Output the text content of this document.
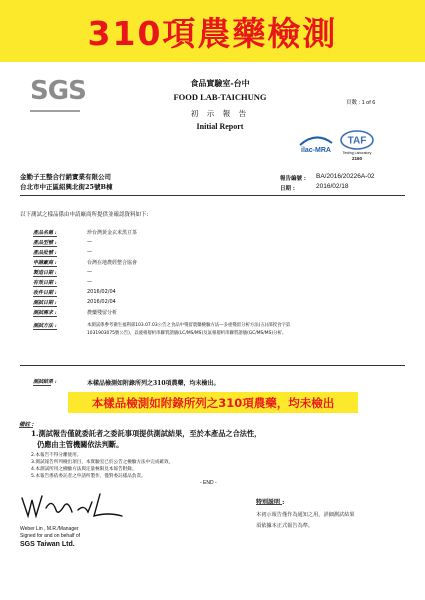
310項農藥檢測
SGS	食品實驗室-台中
FOOD LAB-TAICHUNG
初 示 報 告
Initial Report
頁數 : 1 of 6
ilac-MRA
TAF
Testing Laboratory
2160
金勤子王整合行銷實業有限公司
台北市中正區紹興北街25號B棟
報告編號 : BA/2016/20226A-02
日期 :	2016/02/18
以下測試之樣品係由申請廠商所提供並確認資料如下:
產品名稱 :	珍台灣黃金玄米黑豆茶
產品型號 :	—
產品批號 :	—
申請廠商 :	台灣在地農經整合協會
製造日期 :	—
有效日期 :	—
收件日期 :	2016/02/04
測試日期 :	2016/02/04
測試需求 :	農藥殘留分析
測試方法 :	本測試係參考衛生福利部103.07.03公告之食品中殘留農藥檢驗方法—多重殘留分析方法(五)(部授食字第
1031903075號公告)，以液相層析串聯質譜儀(LC/MS/MS)及氣相層析串聯質譜儀(GC/MS/MS)分析。
測試結果 :	本樣品檢測如附錄所列之310項農藥，均未檢出。
本樣品檢測如附錄所列之310項農藥，均未檢出
備註 :
1.測試報告僅就委託者之委託事項提供測試結果，至於本產品之合法性，
仍應由主管機關依法判斷。
2.本報告不得分離使用。
3.測試報告所列檢出項目，本實驗室已於公告之檢驗方法中完成確效。
4.本測試所用之檢驗方法與定量極限見本報告附錄。
5.本報告係依委託者之申請所製作，僅對委託樣品負責。
- END -
Weber Lin , M.R./Manager
Signed for and on behalf of
SGS Taiwan Ltd.
特別説明 :
本初示報告僅作為通知之用，詳細測試結果
須依據本正式報告為準。
